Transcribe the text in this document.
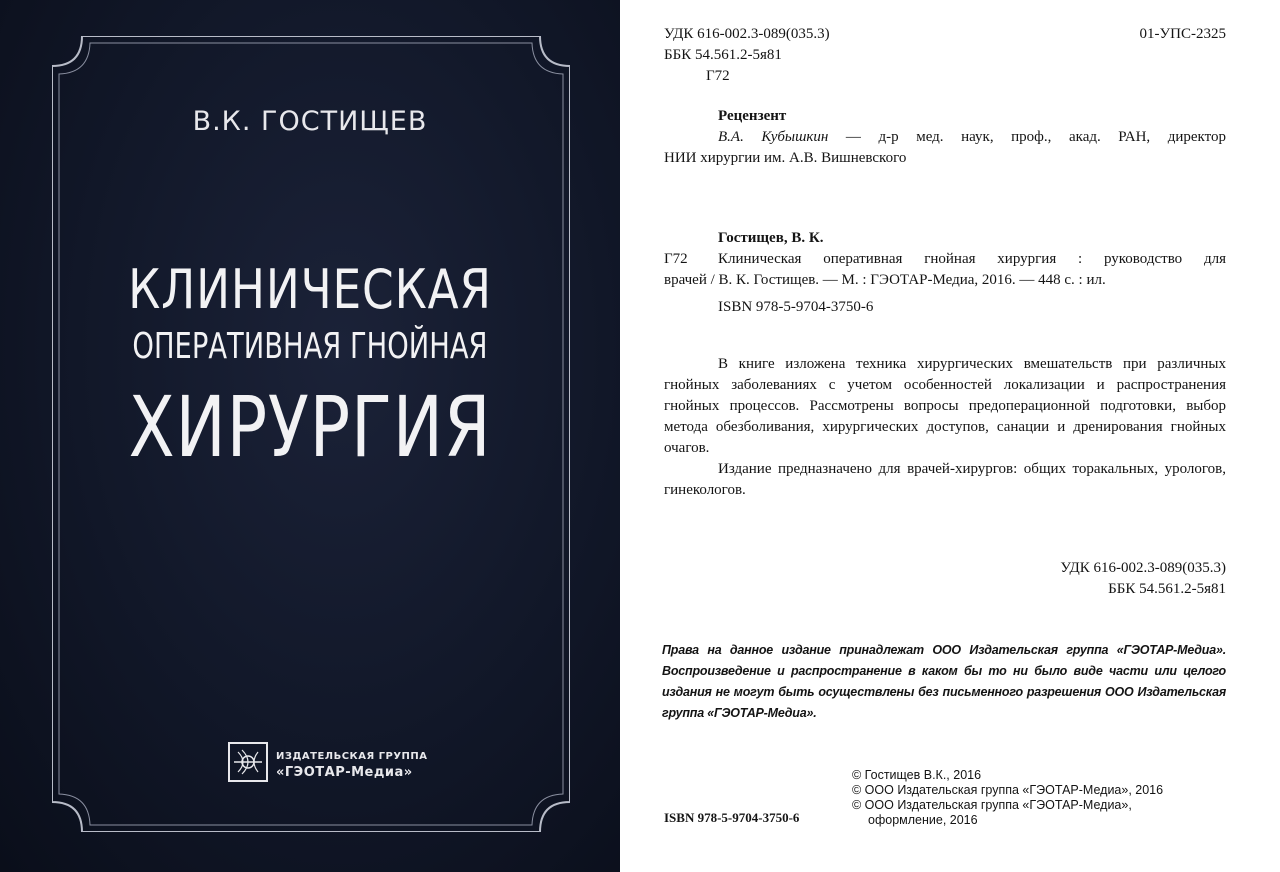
В.К. ГОСТИЩЕВ
КЛИНИЧЕСКАЯ
ОПЕРАТИВНАЯ ГНОЙНАЯ
ХИРУРГИЯ
ИЗДАТЕЛЬСКАЯ ГРУППА
«ГЭОТАР-Медиа»
УДК 616-002.3-089(035.3)	01-УПС-2325
ББК 54.561.2-5я81
Г72
Рецензент
В.А. Кубышкин — д-р мед. наук, проф., акад. РАН, директор
НИИ хирургии им. А.В. Вишневского
Гостищев, В. К.
Г72 Клиническая оперативная гнойная хирургия : руководство для
врачей / В. К. Гостищев. — М. : ГЭОТАР-Медиа, 2016. — 448 с. : ил.
ISBN 978-5-9704-3750-6

В книге изложена техника хирургических вмешательств при различных гнойных заболеваниях с учетом особенностей локализации и распространения гнойных процессов. Рассмотрены вопросы предоперационной подготовки, выбор метода обезболивания, хирургических доступов, санации и дренирования гнойных очагов.

Издание предназначено для врачей-хирургов: общих торакальных, урологов, гинекологов.

УДК 616-002.3-089(035.3)
ББК 54.561.2-5я81
Права на данное издание принадлежат ООО Издательская группа «ГЭОТАР-Медиа». Воспроизведение и распространение в каком бы то ни было виде части или целого издания не могут быть осуществлены без письменного разрешения ООО Издательская группа «ГЭОТАР-Медиа».
© Гостищев В.К., 2016
© ООО Издательская группа «ГЭОТАР-Медиа», 2016
© ООО Издательская группа «ГЭОТАР-Медиа»,
оформление, 2016
ISBN 978-5-9704-3750-6
